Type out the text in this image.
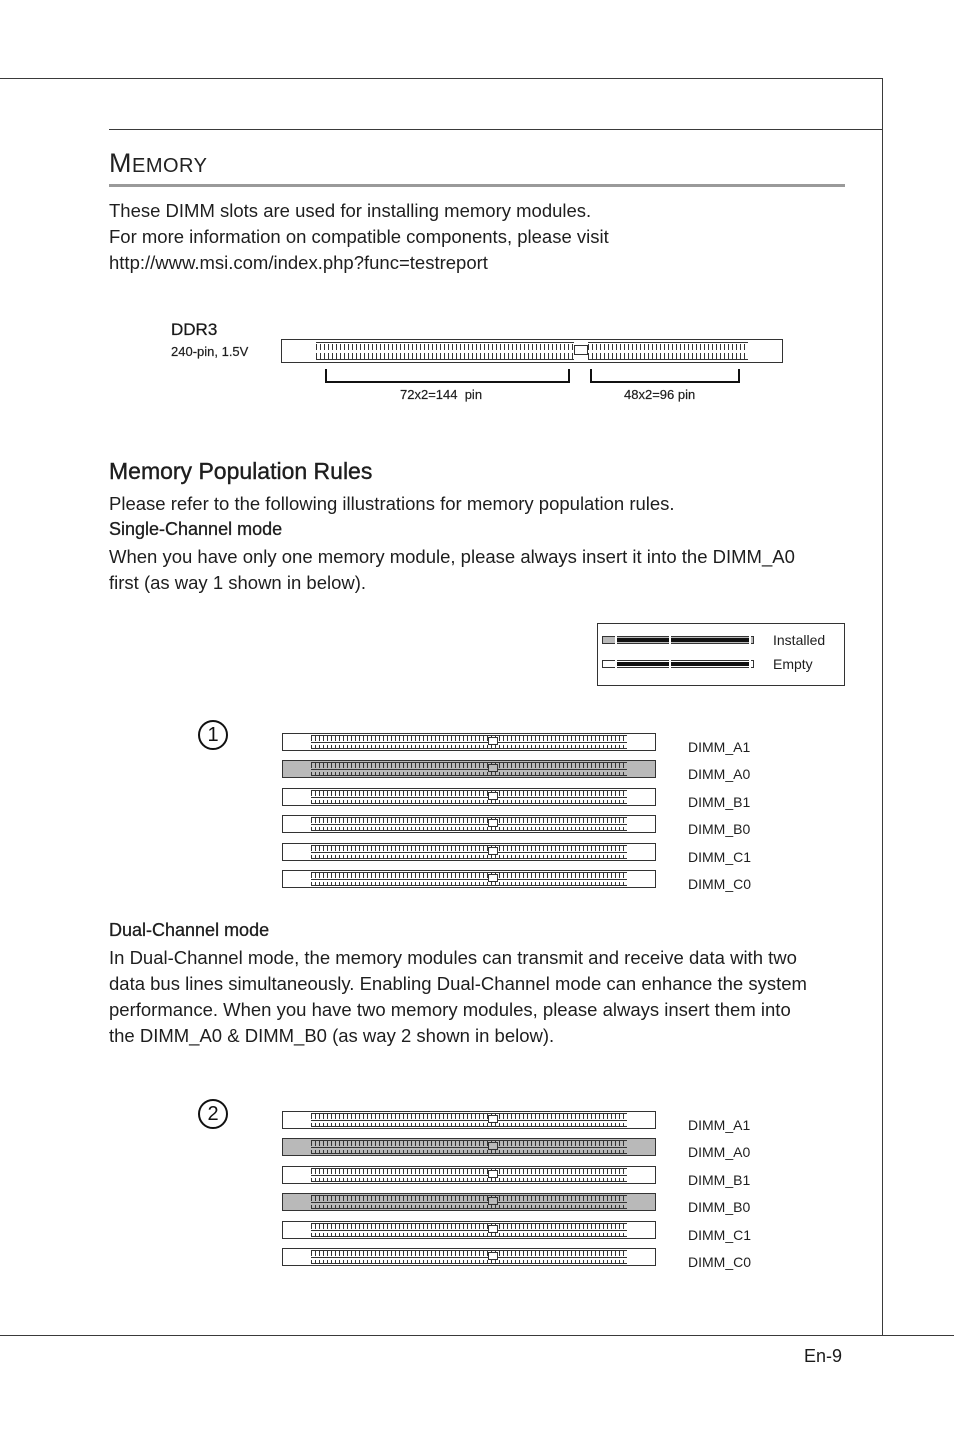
MEMORY
These DIMM slots are used for installing memory modules.
For more information on compatible components, please visit
http://www.msi.com/index.php?func=testreport
DDR3
240-pin, 1.5V
72x2=144  pin	48x2=96 pin
Memory Population Rules
Please refer to the following illustrations for memory population rules.
Single-Channel mode
When you have only one memory module, please always insert it into the DIMM_A0
first (as way 1 shown in below).
Installed
Empty
1
DIMM_A1
DIMM_A0
DIMM_B1
DIMM_B0
DIMM_C1
DIMM_C0
Dual-Channel mode
In Dual-Channel mode, the memory modules can transmit and receive data with two
data bus lines simultaneously. Enabling Dual-Channel mode can enhance the system
performance. When you have two memory modules, please always insert them into
the DIMM_A0 & DIMM_B0 (as way 2 shown in below).
2	DIMM_A1
DIMM_A0
DIMM_B1
DIMM_B0
DIMM_C1
DIMM_C0
En-9
